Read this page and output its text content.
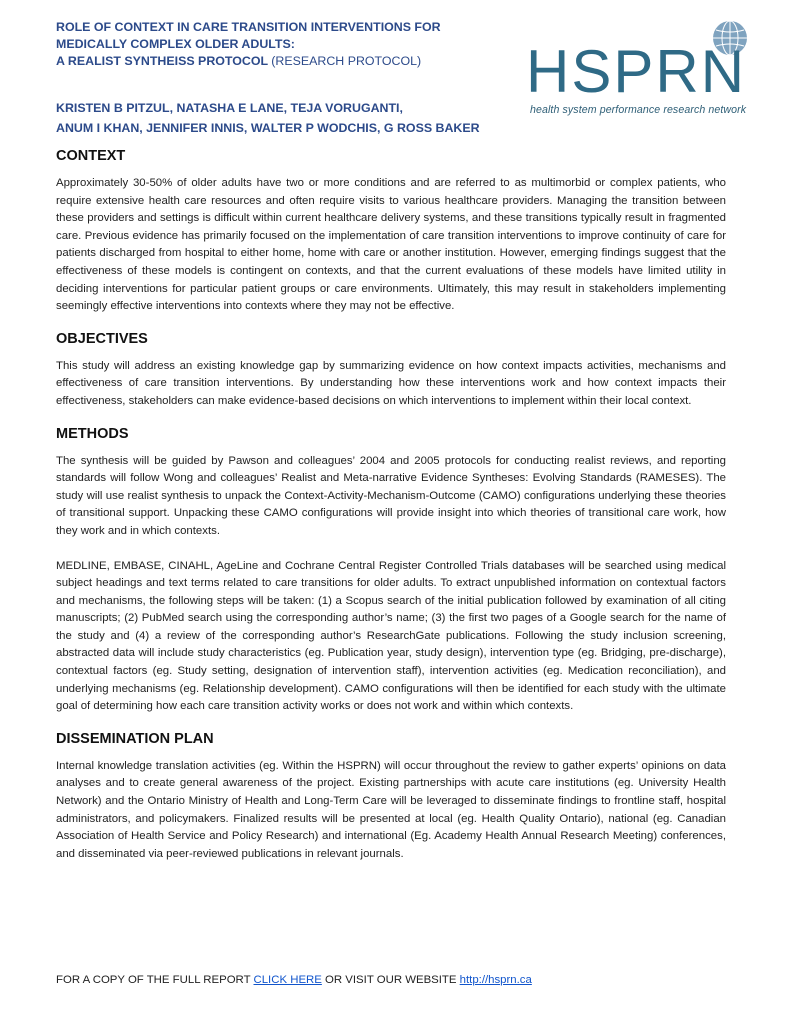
ROLE OF CONTEXT IN CARE TRANSITION INTERVENTIONS FOR
MEDICALLY COMPLEX OLDER ADULTS:
A REALIST SYNTHEISS PROTOCOL (RESEARCH PROTOCOL)
KRISTEN B PITZUL, NATASHA E LANE, TEJA VORUGANTI,
ANUM I KHAN, JENNIFER INNIS, WALTER P WODCHIS, G ROSS BAKER
HSPRN
health system performance research network
CONTEXT

Approximately 30-50% of older adults have two or more conditions and are referred to as multimorbid or complex patients, who require extensive health care resources and often require visits to various healthcare providers. Managing the transition between these providers and settings is difficult within current healthcare delivery systems, and these transitions typically result in fragmented care. Previous evidence has primarily focused on the implementation of care transition interventions to improve continuity of care for patients discharged from hospital to either home, home with care or another institution. However, emerging findings suggest that the effectiveness of these models is contingent on contexts, and that the current evaluations of these models have limited utility in deciding interventions for particular patient groups or care environments. Ultimately, this may result in stakeholders implementing seemingly effective interventions into contexts where they may not be effective.

OBJECTIVES

This study will address an existing knowledge gap by summarizing evidence on how context impacts activities, mechanisms and effectiveness of care transition interventions. By understanding how these interventions work and how context impacts their effectiveness, stakeholders can make evidence-based decisions on which interventions to implement within their local context.

METHODS

The synthesis will be guided by Pawson and colleagues’ 2004 and 2005 protocols for conducting realist reviews, and reporting standards will follow Wong and colleagues’ Realist and Meta-narrative Evidence Syntheses: Evolving Standards (RAMESES). The study will use realist synthesis to unpack the Context-Activity-Mechanism-Outcome (CAMO) configurations underlying these theories of transitional support. Unpacking these CAMO configurations will provide insight into which theories of transitional care work, how they work and in which contexts.

MEDLINE, EMBASE, CINAHL, AgeLine and Cochrane Central Register Controlled Trials databases will be searched using medical subject headings and text terms related to care transitions for older adults. To extract unpublished information on contextual factors and mechanisms, the following steps will be taken: (1) a Scopus search of the initial publication followed by examination of all citing manuscripts; (2) PubMed search using the corresponding author’s name; (3) the first two pages of a Google search for the name of the study and (4) a review of the corresponding author’s ResearchGate publications. Following the study inclusion screening, abstracted data will include study characteristics (eg. Publication year, study design), intervention type (eg. Bridging, pre-discharge), contextual factors (eg. Study setting, designation of intervention staff), intervention activities (eg. Medication reconciliation), and underlying mechanisms (eg. Relationship development). CAMO configurations will then be identified for each study with the ultimate goal of determining how each care transition activity works or does not work and within which contexts.

DISSEMINATION PLAN

Internal knowledge translation activities (eg. Within the HSPRN) will occur throughout the review to gather experts’ opinions on data analyses and to create general awareness of the project. Existing partnerships with acute care institutions (eg. University Health Network) and the Ontario Ministry of Health and Long-Term Care will be leveraged to disseminate findings to frontline staff, hospital administrators, and policymakers. Finalized results will be presented at local (eg. Health Quality Ontario), national (eg. Canadian Association of Health Service and Policy Research) and international (Eg. Academy Health Annual Research Meeting) conferences, and disseminated via peer-reviewed publications in relevant journals.

FOR A COPY OF THE FULL REPORT CLICK HERE OR VISIT OUR WEBSITE http://hsprn.ca
